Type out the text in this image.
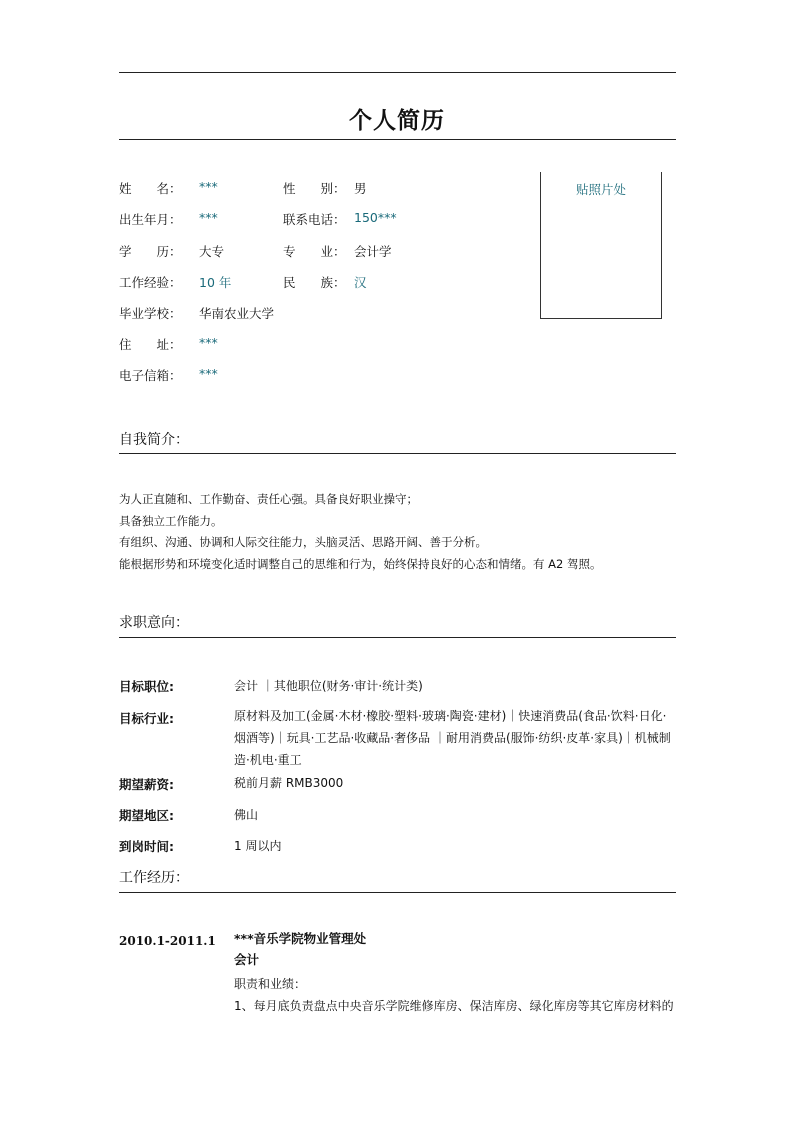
个人简历
贴照片处
姓　　名： ***	性　　别： 男
出生年月： ***	联系电话： 150***
学　　历： 大专	专　　业： 会计学
工作经验： 10 年	民　　族： 汉
毕业学校： 华南农业大学
住　　址： ***
电子信箱： ***
自我简介：
为人正直随和、工作勤奋、责任心强。具备良好职业操守；
具备独立工作能力。
有组织、沟通、协调和人际交往能力，头脑灵活、思路开阔、善于分析。
能根据形势和环境变化适时调整自己的思维和行为，始终保持良好的心态和情绪。有 A2 驾照。
求职意向：
目标职位:	会计 ｜其他职位(财务·审计·统计类)
目标行业:	原材料及加工(金属·木材·橡胶·塑料·玻璃·陶瓷·建材)｜快速消费品(食品·饮料·日化·烟酒等)｜玩具·工艺品·收藏品·奢侈品 ｜耐用消费品(服饰·纺织·皮革·家具)｜机械制造·机电·重工
期望薪资:	税前月薪 RMB3000
期望地区:	佛山
到岗时间:	1 周以内
工作经历：
2010.1-2011.1 ***音乐学院物业管理处
会计
职责和业绩：
1、每月底负责盘点中央音乐学院维修库房、保洁库房、绿化库房等其它库房材料的
